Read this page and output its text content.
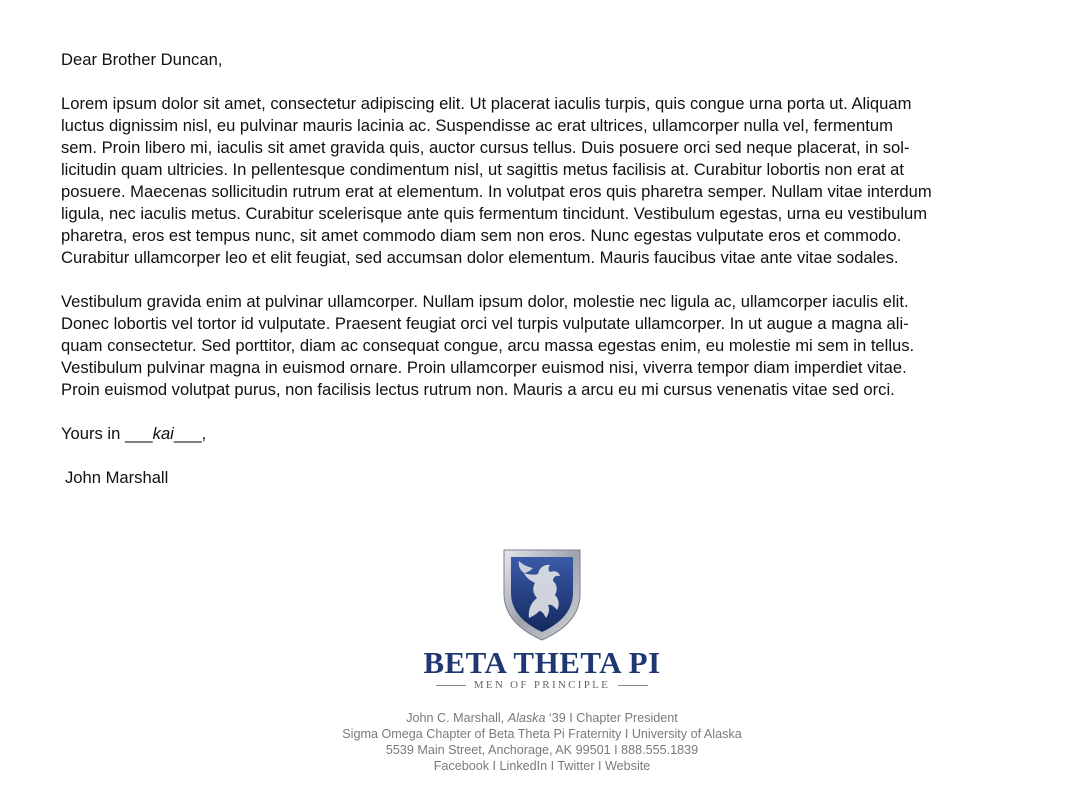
Dear Brother Duncan,

Lorem ipsum dolor sit amet, consectetur adipiscing elit. Ut placerat iaculis turpis, quis congue urna porta ut. Aliquam
luctus dignissim nisl, eu pulvinar mauris lacinia ac. Suspendisse ac erat ultrices, ullamcorper nulla vel, fermentum
sem. Proin libero mi, iaculis sit amet gravida quis, auctor cursus tellus. Duis posuere orci sed neque placerat, in sol-
licitudin quam ultricies. In pellentesque condimentum nisl, ut sagittis metus facilisis at. Curabitur lobortis non erat at
posuere. Maecenas sollicitudin rutrum erat at elementum. In volutpat eros quis pharetra semper. Nullam vitae interdum
ligula, nec iaculis metus. Curabitur scelerisque ante quis fermentum tincidunt. Vestibulum egestas, urna eu vestibulum
pharetra, eros est tempus nunc, sit amet commodo diam sem non eros. Nunc egestas vulputate eros et commodo.
Curabitur ullamcorper leo et elit feugiat, sed accumsan dolor elementum. Mauris faucibus vitae ante vitae sodales.

Vestibulum gravida enim at pulvinar ullamcorper. Nullam ipsum dolor, molestie nec ligula ac, ullamcorper iaculis elit.
Donec lobortis vel tortor id vulputate. Praesent feugiat orci vel turpis vulputate ullamcorper. In ut augue a magna ali-
quam consectetur. Sed porttitor, diam ac consequat congue, arcu massa egestas enim, eu molestie mi sem in tellus.
Vestibulum pulvinar magna in euismod ornare. Proin ullamcorper euismod nisi, viverra tempor diam imperdiet vitae.
Proin euismod volutpat purus, non facilisis lectus rutrum non. Mauris a arcu eu mi cursus venenatis vitae sed orci.

Yours in ___kai___,

John Marshall

BETA THETA PI
MEN OF PRINCIPLE
John C. Marshall, Alaska ‘39 I Chapter President
Sigma Omega Chapter of Beta Theta Pi Fraternity I University of Alaska
5539 Main Street, Anchorage, AK 99501 I 888.555.1839
Facebook I LinkedIn I Twitter I Website
